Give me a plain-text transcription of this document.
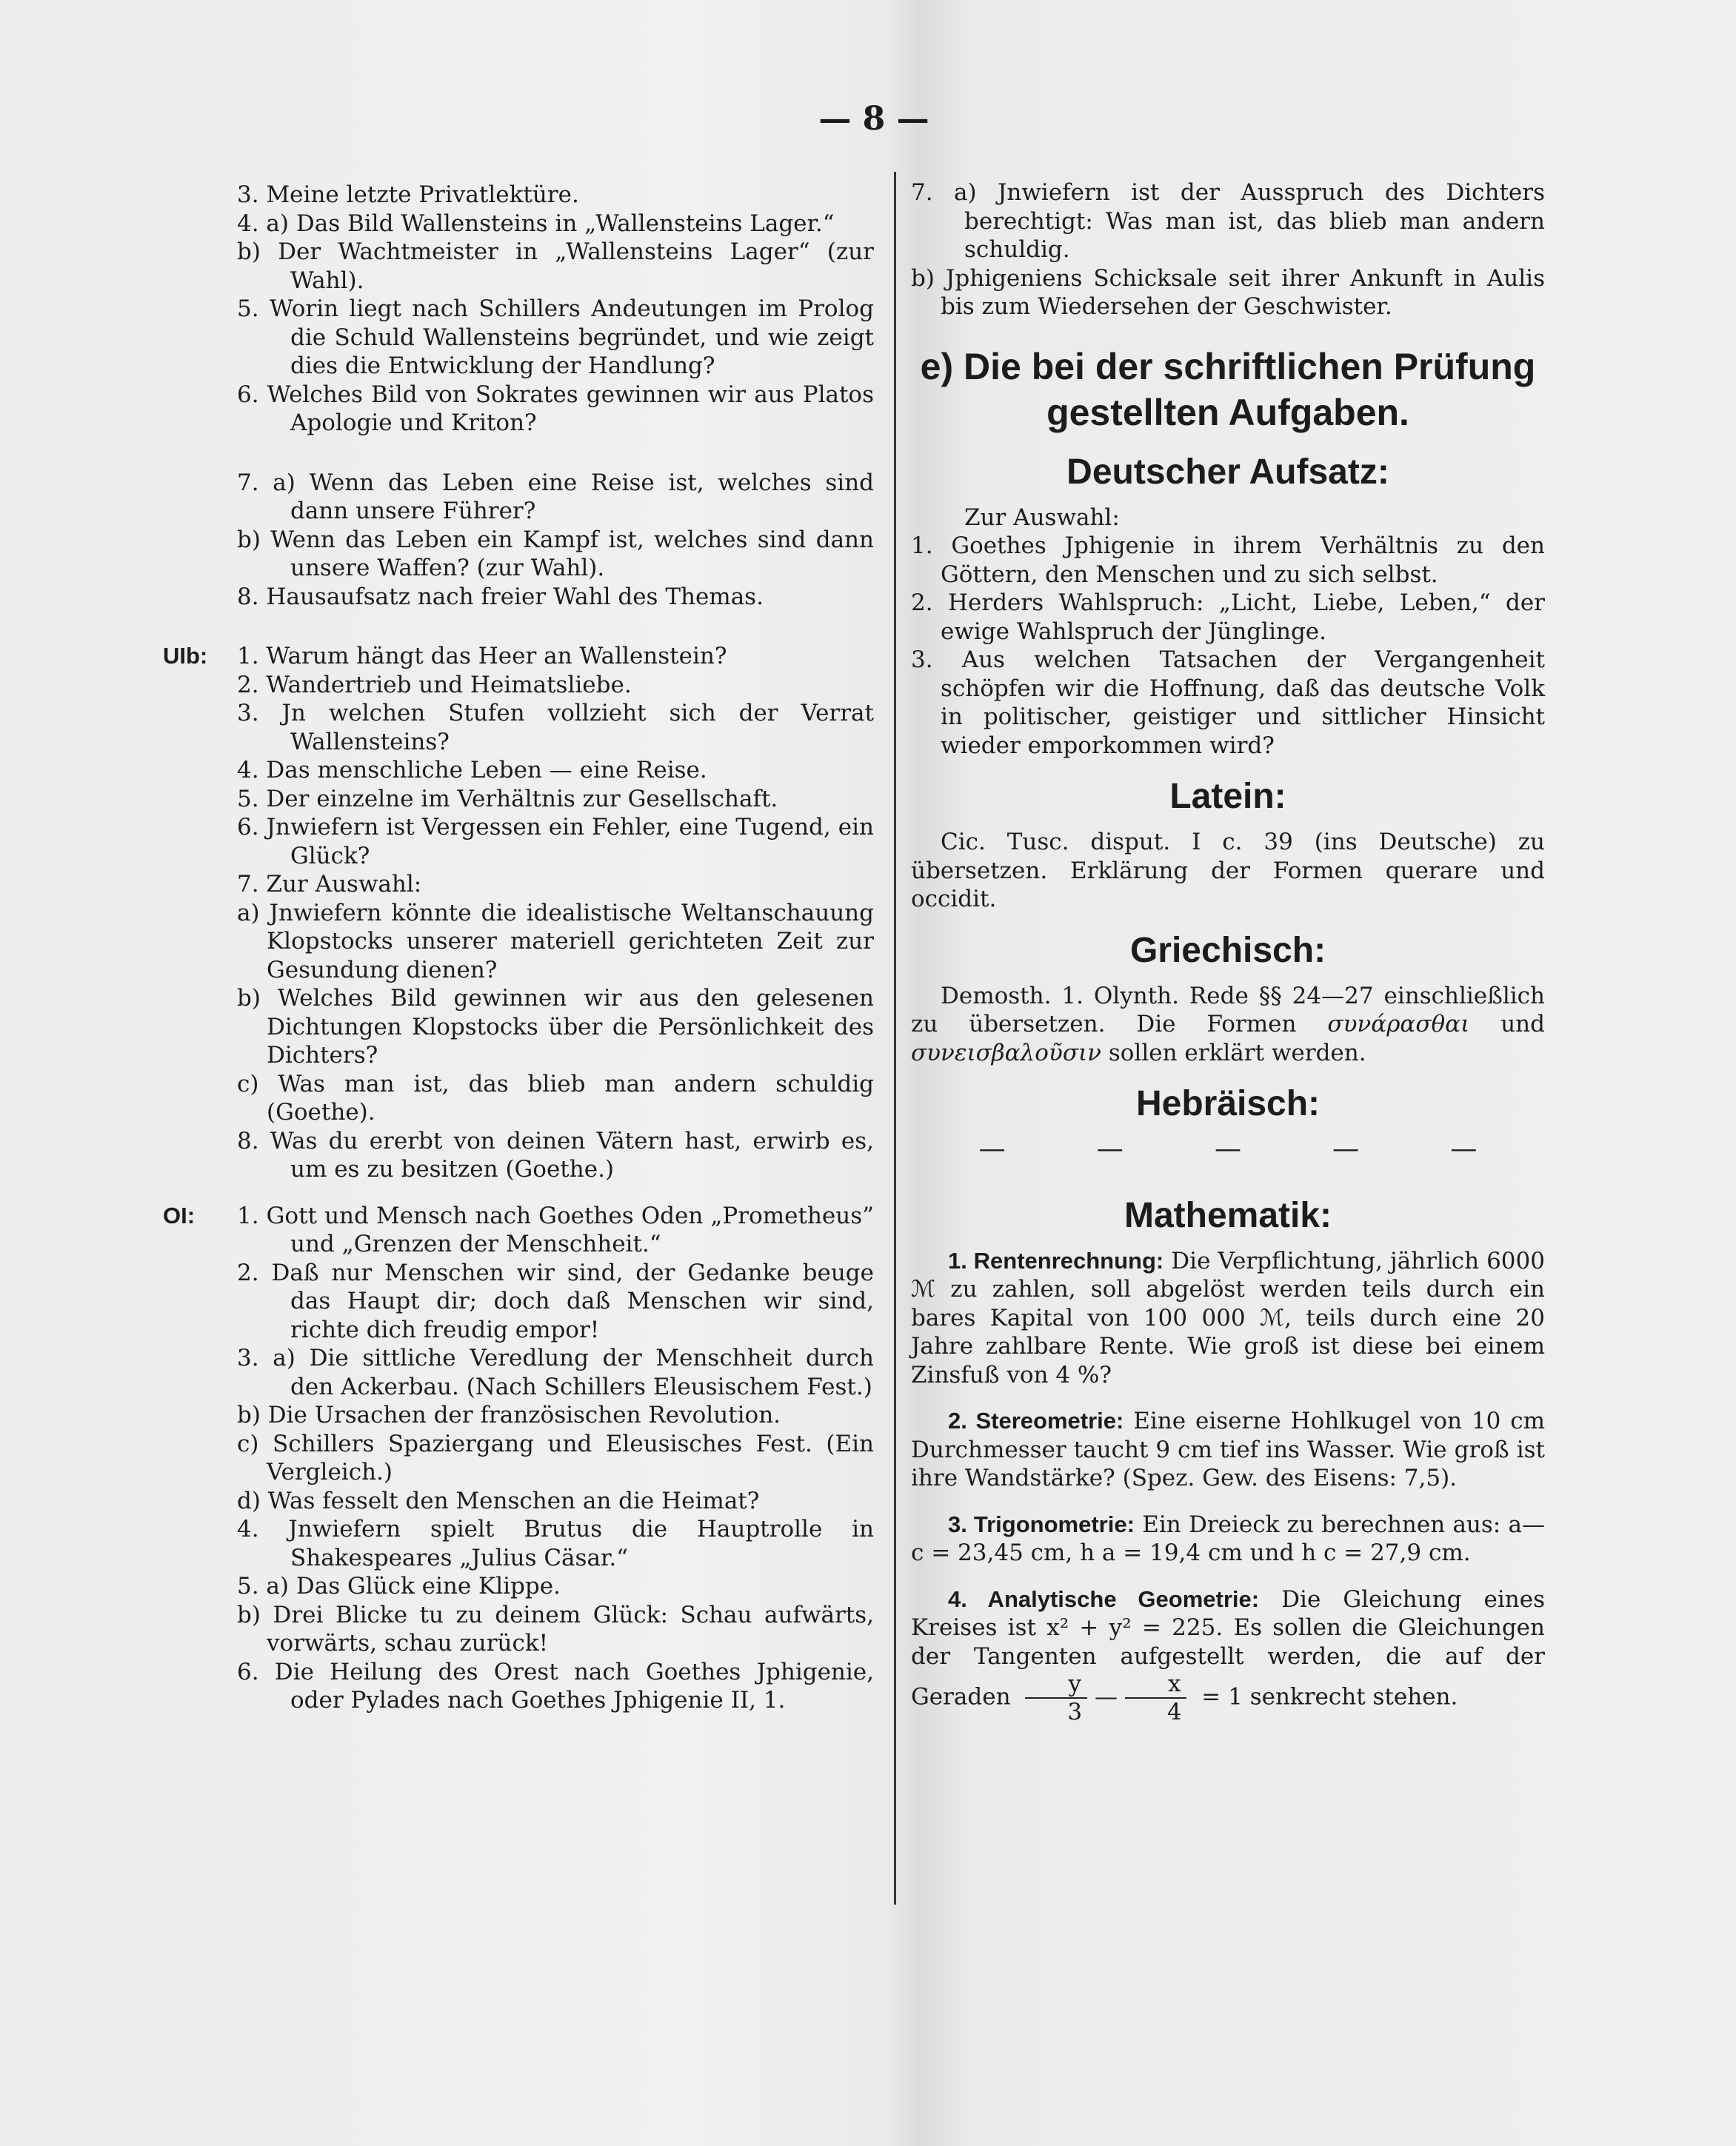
— 8 —
3. Meine letzte Privatlektüre.
4. a) Das Bild Wallensteins in „Wallensteins Lager.“
b) Der Wachtmeister in „Wallensteins Lager“ (zur Wahl).
5. Worin liegt nach Schillers Andeutungen im Prolog die Schuld Wallensteins begründet, und wie zeigt dies die Entwicklung der Handlung?
6. Welches Bild von Sokrates gewinnen wir aus Platos Apologie und Kriton?
7. a) Wenn das Leben eine Reise ist, welches sind dann unsere Führer?
b) Wenn das Leben ein Kampf ist, welches sind dann unsere Waffen? (zur Wahl).
8. Hausaufsatz nach freier Wahl des Themas.
UIb: 1. Warum hängt das Heer an Wallenstein?
2. Wandertrieb und Heimatsliebe.
3. Jn welchen Stufen vollzieht sich der Verrat Wallensteins?
4. Das menschliche Leben — eine Reise.
5. Der einzelne im Verhältnis zur Gesellschaft.
6. Jnwiefern ist Vergessen ein Fehler, eine Tugend, ein Glück?
7. Zur Auswahl:
a) Jnwiefern könnte die idealistische Weltanschauung Klopstocks unserer materiell gerichteten Zeit zur Gesundung dienen?
b) Welches Bild gewinnen wir aus den gelesenen Dichtungen Klopstocks über die Persönlichkeit des Dichters?
c) Was man ist, das blieb man andern schuldig (Goethe).
8. Was du ererbt von deinen Vätern hast, erwirb es, um es zu besitzen (Goethe.)
OI: 1. Gott und Mensch nach Goethes Oden „Prometheus” und „Grenzen der Menschheit.“
2. Daß nur Menschen wir sind, der Gedanke beuge das Haupt dir; doch daß Menschen wir sind, richte dich freudig empor!
3. a) Die sittliche Veredlung der Menschheit durch den Ackerbau. (Nach Schillers Eleusischem Fest.)
b) Die Ursachen der französischen Revolution.
c) Schillers Spaziergang und Eleusisches Fest. (Ein Vergleich.)
d) Was fesselt den Menschen an die Heimat?
4. Jnwiefern spielt Brutus die Hauptrolle in Shakespeares „Julius Cäsar.“
5. a) Das Glück eine Klippe.
b) Drei Blicke tu zu deinem Glück: Schau aufwärts, vorwärts, schau zurück!
6. Die Heilung des Orest nach Goethes Jphigenie, oder Pylades nach Goethes Jphigenie II, 1.
7. a) Jnwiefern ist der Ausspruch des Dichters berechtigt: Was man ist, das blieb man andern schuldig.
b) Jphigeniens Schicksale seit ihrer Ankunft in Aulis bis zum Wiedersehen der Geschwister.
e) Die bei der schriftlichen Prüfung gestellten Aufgaben.
Deutscher Aufsatz:
Zur Auswahl:
1. Goethes Jphigenie in ihrem Verhältnis zu den Göttern, den Menschen und zu sich selbst.
2. Herders Wahlspruch: „Licht, Liebe, Leben,“ der ewige Wahlspruch der Jünglinge.
3. Aus welchen Tatsachen der Vergangenheit schöpfen wir die Hoffnung, daß das deutsche Volk in politischer, geistiger und sittlicher Hinsicht wieder emporkommen wird?
Latein:
Cic. Tusc. disput. I c. 39 (ins Deutsche) zu übersetzen. Erklärung der Formen querare und occidit.
Griechisch:
Demosth. 1. Olynth. Rede §§ 24—27 einschließlich zu übersetzen. Die Formen συνάρασθαι und συνεισβαλοῦσιν sollen erklärt werden.
Hebräisch:
—	—	—	—	—
Mathematik:
1. Rentenrechnung: Die Verpflichtung, jährlich 6000 ℳ zu zahlen, soll abgelöst werden teils durch ein bares Kapital von 100 000 ℳ, teils durch eine 20 Jahre zahlbare Rente. Wie groß ist diese bei einem Zinsfuß von 4 %?
2. Stereometrie: Eine eiserne Hohlkugel von 10 cm Durchmesser taucht 9 cm tief ins Wasser. Wie groß ist ihre Wandstärke? (Spez. Gew. des Eisens: 7,5).
3. Trigonometrie: Ein Dreieck zu berechnen aus: a—c = 23,45 cm, h a = 19,4 cm und h c = 27,9 cm.
4. Analytische Geometrie: Die Gleichung eines Kreises ist x² + y² = 225. Es sollen die Gleichungen der Tangenten aufgestellt werden, die auf der Geraden $\frac{y}{3}$ — $\frac{x}{4} = 1$ senkrecht stehen.
